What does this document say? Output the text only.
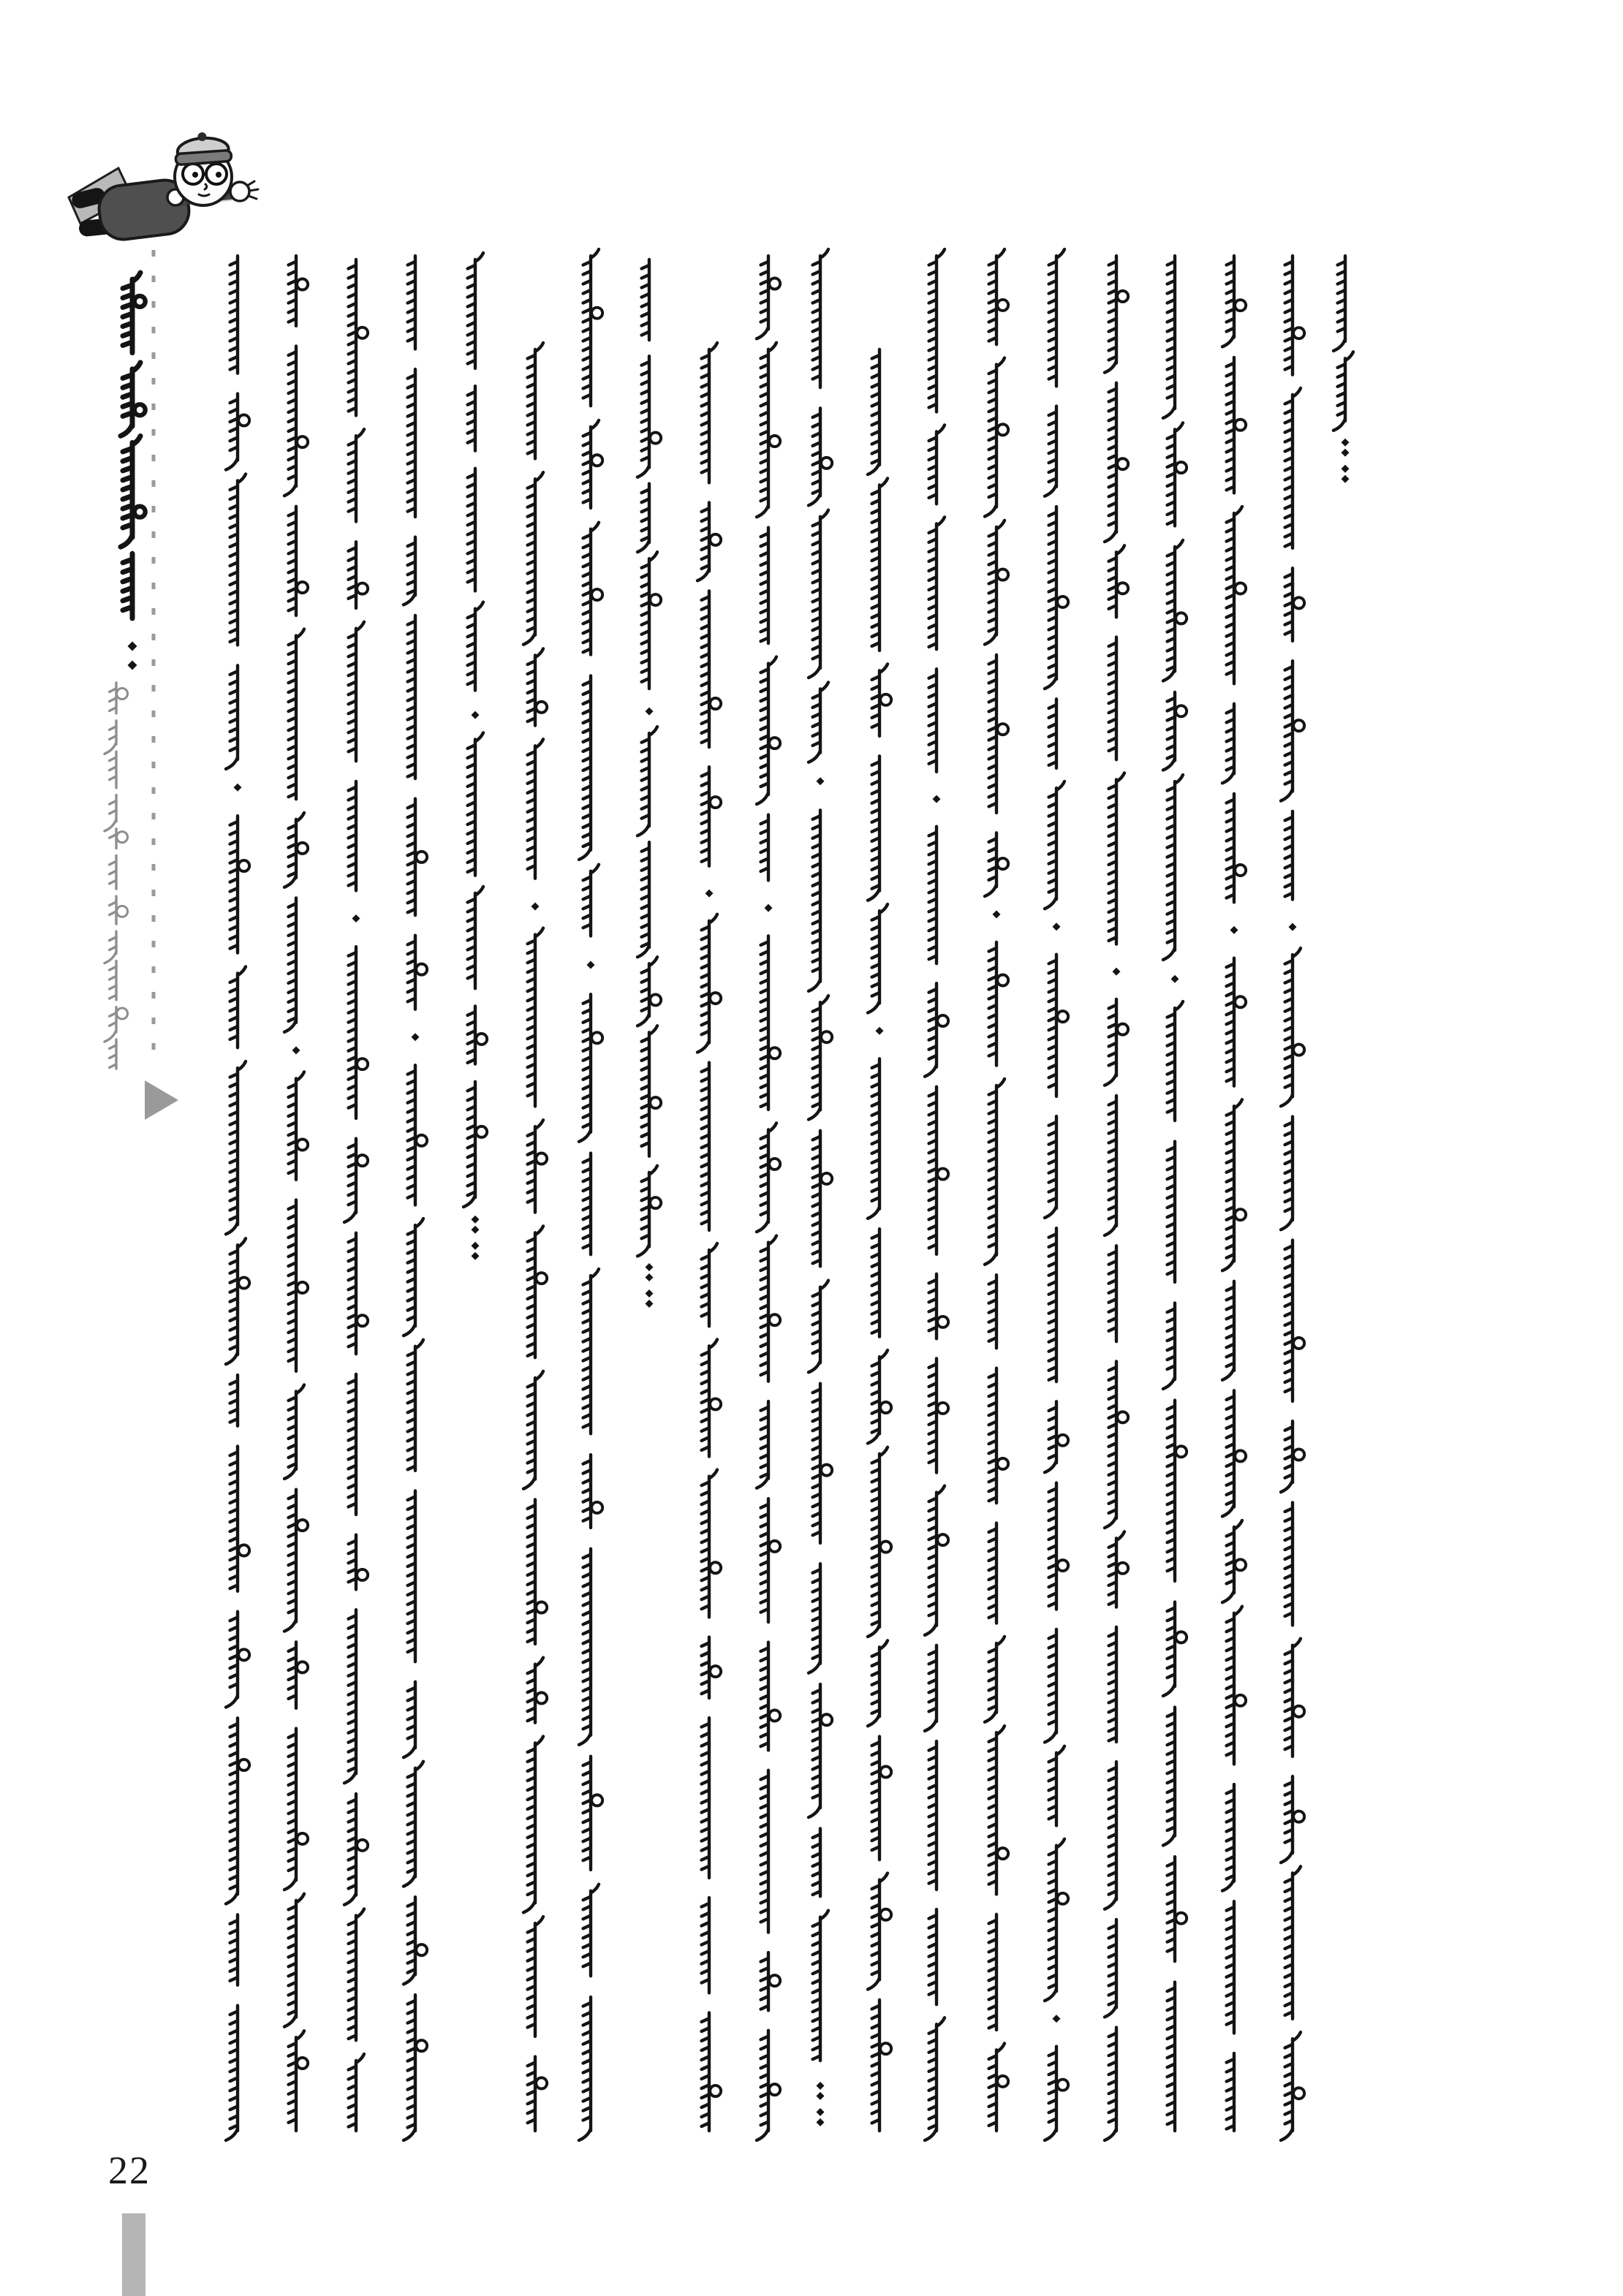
22
